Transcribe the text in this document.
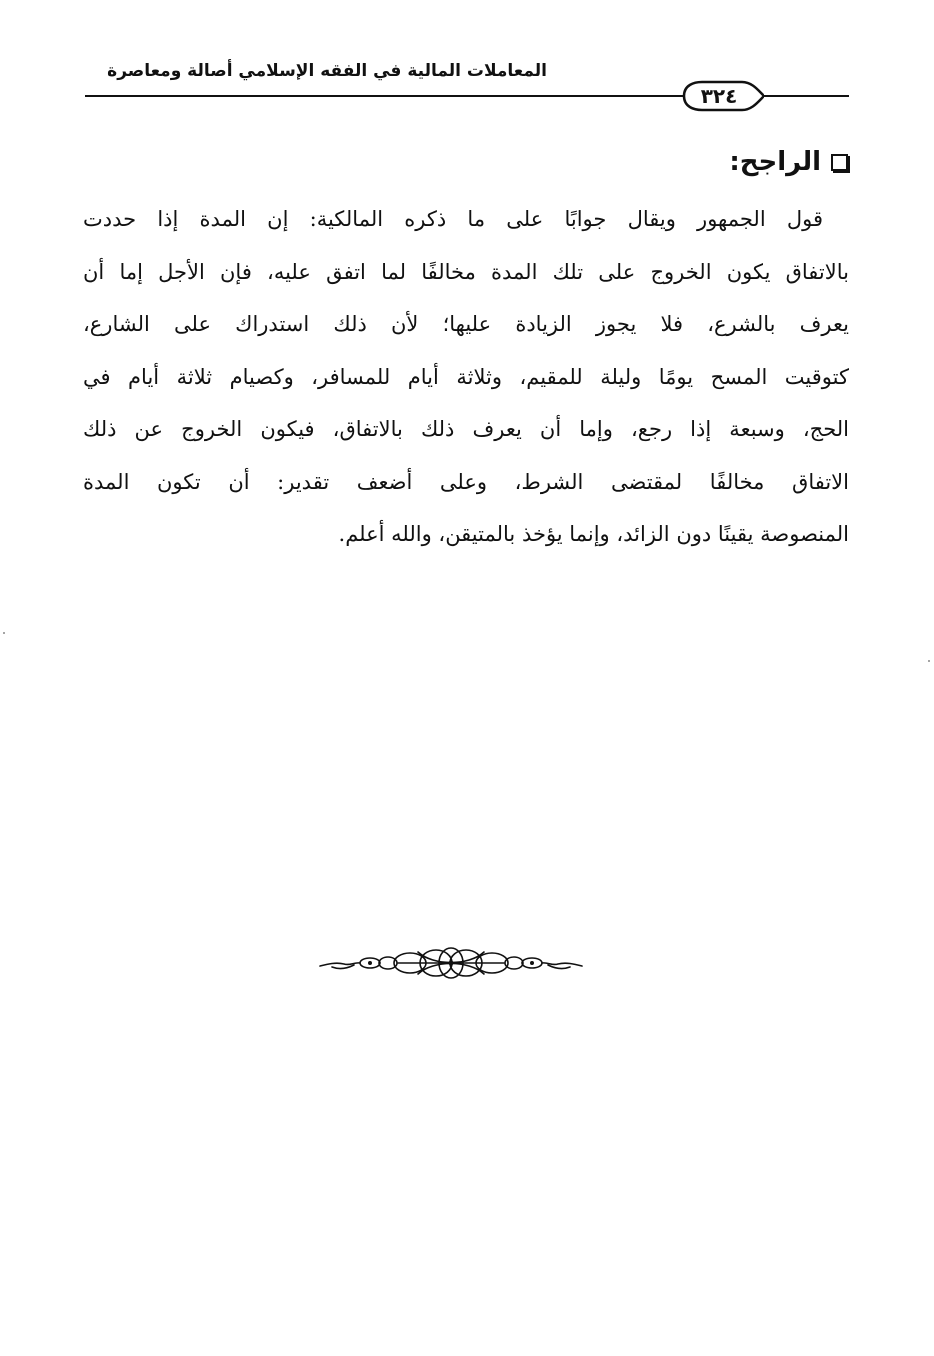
المعاملات المالية في الفقه الإسلامي أصالة ومعاصرة
٣٢٤
الراجح:
قول الجمهور ويقال جوابًا على ما ذكره المالكية: إن المدة إذا حددت
بالاتفاق يكون الخروج على تلك المدة مخالفًا لما اتفق عليه، فإن الأجل إما أن
يعرف بالشرع، فلا يجوز الزيادة عليها؛ لأن ذلك استدراك على الشارع،
كتوقيت المسح يومًا وليلة للمقيم، وثلاثة أيام للمسافر، وكصيام ثلاثة أيام في
الحج، وسبعة إذا رجع، وإما أن يعرف ذلك بالاتفاق، فيكون الخروج عن ذلك
الاتفاق مخالفًا لمقتضى الشرط، وعلى أضعف تقدير: أن تكون المدة
المنصوصة يقينًا دون الزائد، وإنما يؤخذ بالمتيقن، والله أعلم.
